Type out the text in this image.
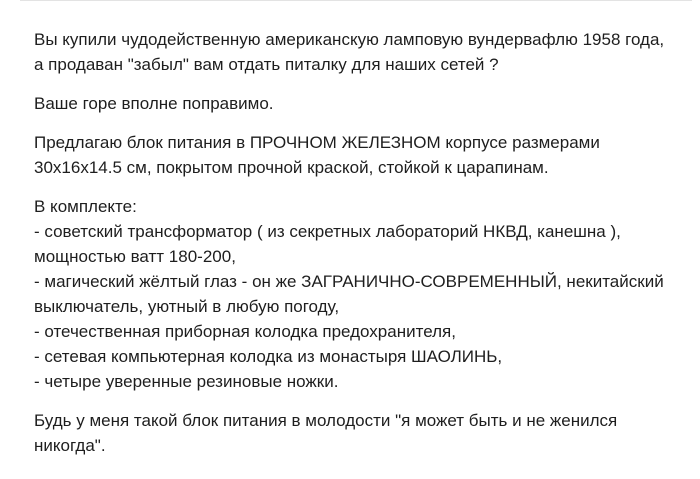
Вы купили чудодейственную американскую ламповую вундервафлю 1958 года,
а продаван "забыл" вам отдать питалку для наших сетей ?

Ваше горе вполне поправимо.

Предлагаю блок питания в ПРОЧНОМ ЖЕЛЕЗНОМ корпусе размерами
30х16х14.5 см, покрытом прочной краской, стойкой к царапинам.

В комплекте:
- советский трансформатор ( из секретных лабораторий НКВД, канешна ),
мощностью ватт 180-200,
- магический жёлтый глаз - он же ЗАГРАНИЧНО-СОВРЕМЕННЫЙ, некитайский
выключатель, уютный в любую погоду,
- отечественная приборная колодка предохранителя,
- сетевая компьютерная колодка из монастыря ШАОЛИНЬ,
- четыре уверенные резиновые ножки.

Будь у меня такой блок питания в молодости "я может быть и не женился
никогда".
